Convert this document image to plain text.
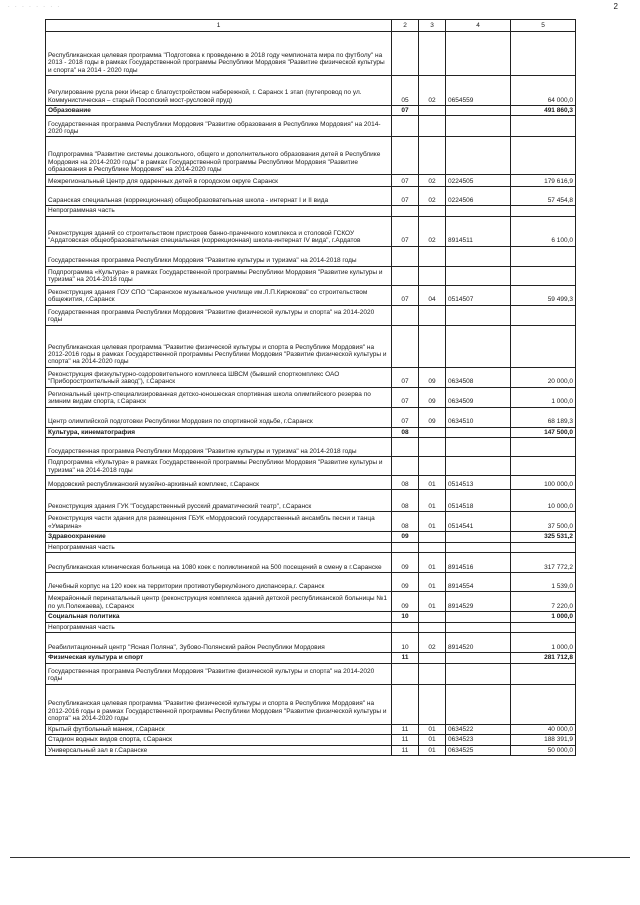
· · · · · · · ·	2
1	2	3	4	5
Республиканская целевая программа "Подготовка к проведению в 2018 году чемпионата мира по футболу" на 2013 - 2018 годы в рамках Государственной программы Республики Мордовия "Развитие физической культуры и спорта" на 2014 - 2020 годы				
Регулирование русла реки Инсар с благоустройством набережной, г. Саранск 1 этап (путепровод по ул. Коммунистическая – старый Посопский мост-русловой пруд)	05	02	0654559	64 000,0
Образование	07			491 860,3
Государственная программа Республики Мордовия "Развитие образования в Республике Мордовия" на 2014-2020 годы				
Подпрограмма "Развитие системы дошкольного, общего и дополнительного образования детей в Республике Мордовия на 2014-2020 годы" в рамках Государственной программы Республики Мордовия "Развитие образования в Республике Мордовия" на 2014-2020 годы				
Межрегиональный Центр для одаренных детей в городском округе Саранск	07	02	0224505	179 616,9
Саранская специальная (коррекционная) общеобразовательная школа - интернат I и II вида	07	02	0224506	57 454,8
Непрограммная часть				
Реконструкция зданий со строительством пристроев банно-прачечного комплекса и столовой ГСКОУ "Ардатовская общеобразовательная специальная (коррекционная) школа-интернат IV вида", г.Ардатов	07	02	8914511	6 100,0
Государственная программа Республики Мордовия "Развитие культуры и туризма" на 2014-2018 годы				
Подпрограмма «Культура» в рамках Государственной программы Республики Мордовия "Развитие культуры и туризма" на 2014-2018 годы				
Реконструкция здания ГОУ СПО "Саранское музыкальное училище им.Л.П.Кирюкова" со строительством общежития, г.Саранск	07	04	0514507	59 499,3
Государственная программа Республики Мордовия "Развитие физической культуры и спорта" на 2014-2020 годы				
Республиканская целевая программа "Развитие физической культуры и спорта в Республике Мордовия" на 2012-2016 годы в рамках Государственной программы Республики Мордовия "Развитие физической культуры и спорта" на 2014-2020 годы				
Реконструкция физкультурно-оздоровительного комплекса ШВСМ (бывший спорткомплекс ОАО "Приборостроительный завод"), г.Саранск	07	09	0634508	20 000,0
Региональный центр-специализированная детско-юношеская спортивная школа олимпийского резерва по зимним видам спорта, г.Саранск	07	09	0634509	1 000,0
Центр олимпийской подготовки Республики Мордовия по спортивной ходьбе, г.Саранск	07	09	0634510	68 189,3
Культура, кинематография	08			147 500,0
Государственная программа Республики Мордовия "Развитие культуры и туризма" на 2014-2018 годы				
Подпрограмма «Культура» в рамках Государственной программы Республики Мордовия "Развитие культуры и туризма" на 2014-2018 годы				
Мордовский республиканский музейно-архивный комплекс, г.Саранск	08	01	0514513	100 000,0
Реконструкция здания ГУК "Государственный русский драматический театр", г.Саранск	08	01	0514518	10 000,0
Реконструкция части здания для размещения ГБУК «Мордовский государственный ансамбль песни и танца «Умарина»	08	01	0514541	37 500,0
Здравоохранение	09			325 531,2
Непрограммная часть				
Республиканская клиническая больница на 1080 коек с поликлиникой на 500 посещений в смену в г.Саранске	09	01	8914516	317 772,2
Лечебный корпус на 120 коек на территории противотуберкулёзного диспансера,г. Саранск	09	01	8914554	1 539,0
Межрайонный перинатальный центр (реконструкция комплекса зданий детской республиканской больницы №1 по ул.Полежаева), г.Саранск	09	01	8914529	7 220,0
Социальная политика	10			1 000,0
Непрограммная часть				
Реабилитационный центр "Ясная Поляна", Зубово-Полянский район Республики Мордовия	10	02	8914520	1 000,0
Физическая культура и спорт	11			281 712,8
Государственная программа Республики Мордовия "Развитие физической культуры и спорта" на 2014-2020 годы				
Республиканская целевая программа "Развитие физической культуры и спорта в Республике Мордовия" на 2012-2016 годы в рамках Государственной программы Республики Мордовия "Развитие физической культуры и спорта" на 2014-2020 годы				
Крытый футбольный манеж, г.Саранск	11	01	0634522	40 000,0
Стадион водных видов спорта, г.Саранск	11	01	0634523	188 391,9
Универсальный зал в г.Саранске	11	01	0634525	50 000,0
